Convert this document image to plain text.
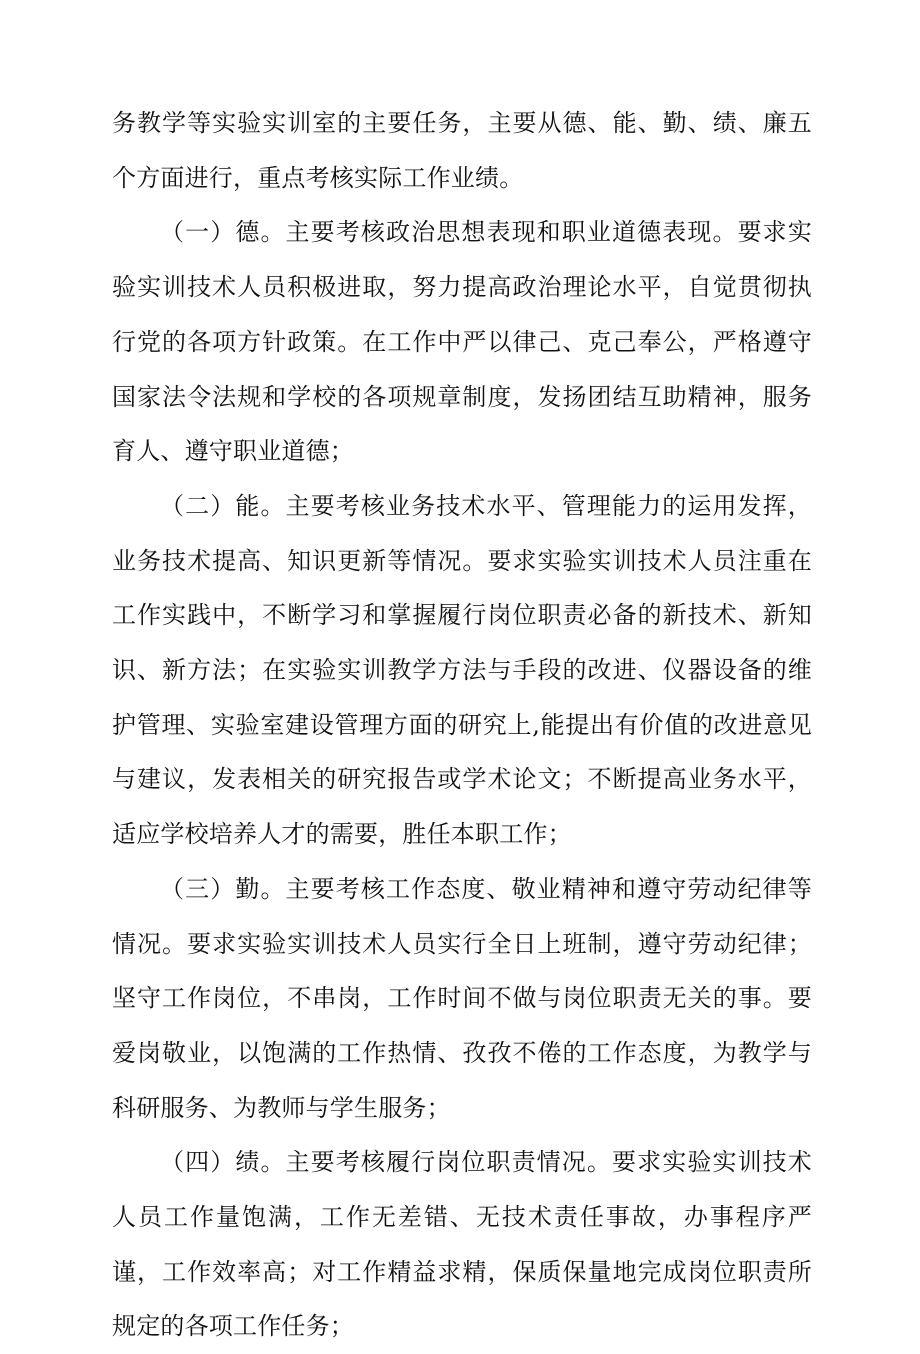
务教学等实验实训室的主要任务，主要从德、能、勤、绩、廉五个方面进行，重点考核实际工作业绩。

（一）德。主要考核政治思想表现和职业道德表现。要求实验实训技术人员积极进取，努力提高政治理论水平，自觉贯彻执行党的各项方针政策。在工作中严以律己、克己奉公，严格遵守国家法令法规和学校的各项规章制度，发扬团结互助精神，服务育人、遵守职业道德；

（二）能。主要考核业务技术水平、管理能力的运用发挥，业务技术提高、知识更新等情况。要求实验实训技术人员注重在工作实践中，不断学习和掌握履行岗位职责必备的新技术、新知识、新方法；在实验实训教学方法与手段的改进、仪器设备的维护管理、实验室建设管理方面的研究上,能提出有价值的改进意见与建议，发表相关的研究报告或学术论文；不断提高业务水平，适应学校培养人才的需要，胜任本职工作；

（三）勤。主要考核工作态度、敬业精神和遵守劳动纪律等情况。要求实验实训技术人员实行全日上班制，遵守劳动纪律；坚守工作岗位，不串岗，工作时间不做与岗位职责无关的事。要爱岗敬业，以饱满的工作热情、孜孜不倦的工作态度，为教学与科研服务、为教师与学生服务；

（四）绩。主要考核履行岗位职责情况。要求实验实训技术人员工作量饱满，工作无差错、无技术责任事故，办事程序严谨，工作效率高；对工作精益求精，保质保量地完成岗位职责所规定的各项工作任务；
